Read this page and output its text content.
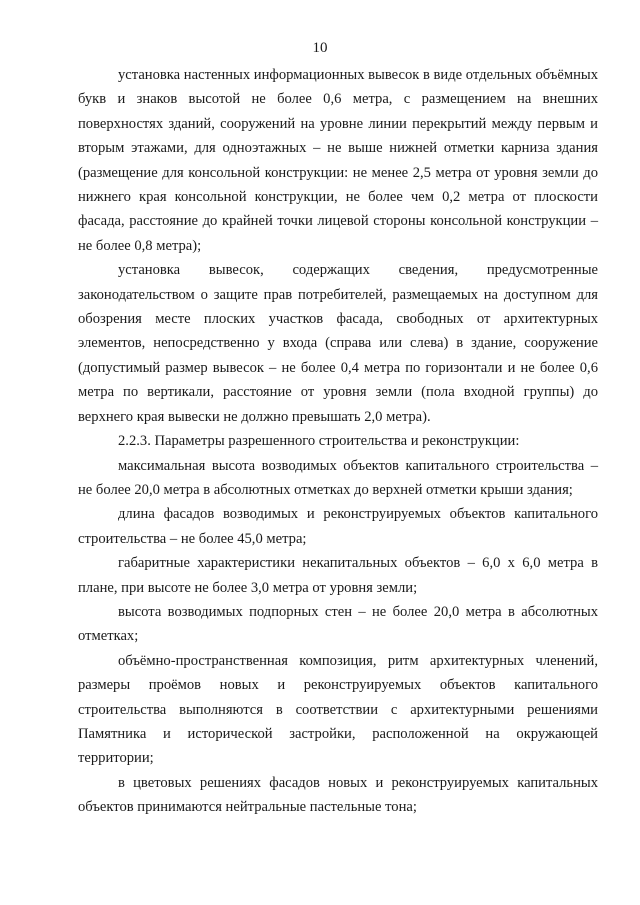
10

установка настенных информационных вывесок в виде отдельных объёмных букв и знаков высотой не более 0,6 метра, с размещением на внешних поверхностях зданий, сооружений на уровне линии перекрытий между первым и вторым этажами, для одноэтажных – не выше нижней отметки карниза здания (размещение для консольной конструкции: не менее 2,5 метра от уровня земли до нижнего края консольной конструкции, не более чем 0,2 метра от плоскости фасада, расстояние до крайней точки лицевой стороны консольной конструкции – не более 0,8 метра);

установка вывесок, содержащих сведения, предусмотренные законодательством о защите прав потребителей, размещаемых на доступном для обозрения месте плоских участков фасада, свободных от архитектурных элементов, непосредственно у входа (справа или слева) в здание, сооружение (допустимый размер вывесок – не более 0,4 метра по горизонтали и не более 0,6 метра по вертикали, расстояние от уровня земли (пола входной группы) до верхнего края вывески не должно превышать 2,0 метра).

2.2.3. Параметры разрешенного строительства и реконструкции:

максимальная высота возводимых объектов капитального строительства – не более 20,0 метра в абсолютных отметках до верхней отметки крыши здания;

длина фасадов возводимых и реконструируемых объектов капитального строительства – не более 45,0 метра;

габаритные характеристики некапитальных объектов – 6,0 х 6,0 метра в плане, при высоте не более 3,0 метра от уровня земли;

высота возводимых подпорных стен – не более 20,0 метра в абсолютных отметках;

объёмно-пространственная композиция, ритм архитектурных членений, размеры проёмов новых и реконструируемых объектов капитального строительства выполняются в соответствии с архитектурными решениями Памятника и исторической застройки, расположенной на окружающей территории;

в цветовых решениях фасадов новых и реконструируемых капитальных объектов принимаются нейтральные пастельные тона;
